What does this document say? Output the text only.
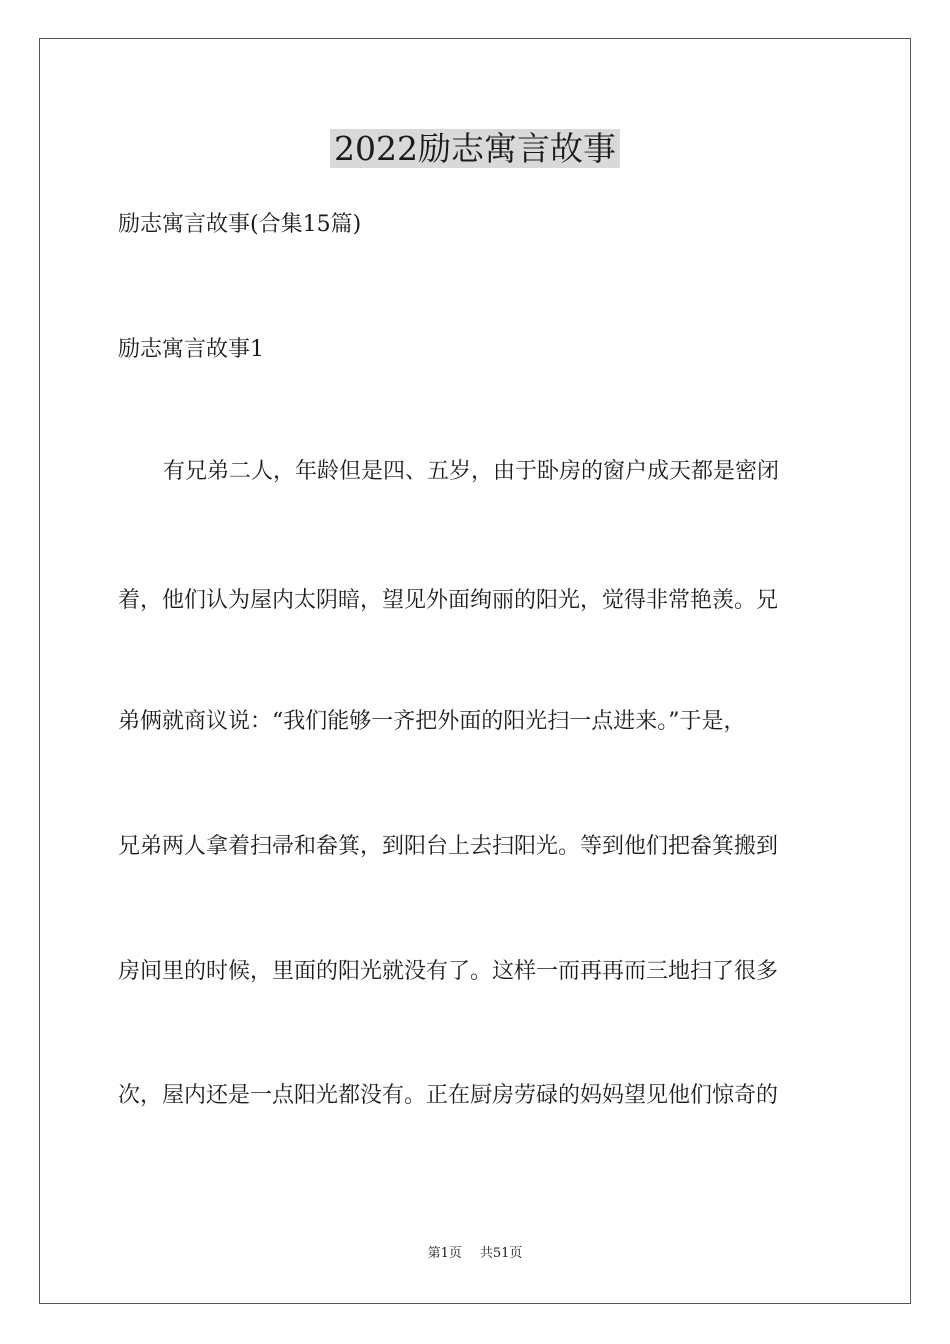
2022励志寓言故事
励志寓言故事(合集15篇)
励志寓言故事1
有兄弟二人，年龄但是四、五岁，由于卧房的窗户成天都是密闭
着，他们认为屋内太阴暗，望见外面绚丽的阳光，觉得非常艳羡。兄
弟俩就商议说：“我们能够一齐把外面的阳光扫一点进来。”于是，
兄弟两人拿着扫帚和畚箕，到阳台上去扫阳光。等到他们把畚箕搬到
房间里的时候，里面的阳光就没有了。这样一而再再而三地扫了很多
次，屋内还是一点阳光都没有。正在厨房劳碌的妈妈望见他们惊奇的
第1页 共51页
